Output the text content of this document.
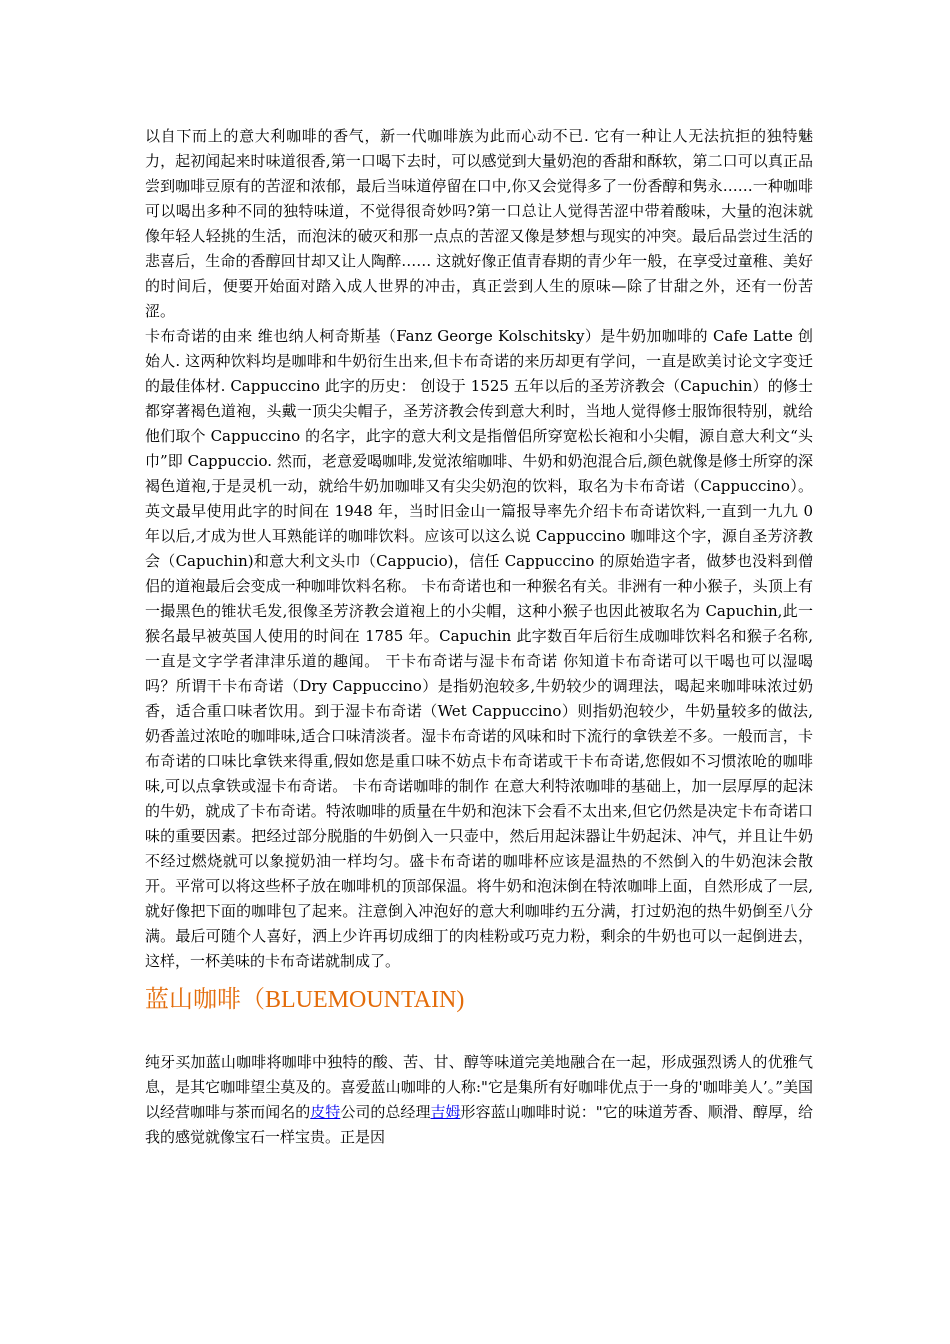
以自下而上的意大利咖啡的香气，新一代咖啡族为此而心动不已. 它有一种让人无法抗拒的独特魅力，起初闻起来时味道很香,第一口喝下去时，可以感觉到大量奶泡的香甜和酥软，第二口可以真正品尝到咖啡豆原有的苦涩和浓郁，最后当味道停留在口中,你又会觉得多了一份香醇和隽永……一种咖啡可以喝出多种不同的独特味道，不觉得很奇妙吗?第一口总让人觉得苦涩中带着酸味，大量的泡沫就像年轻人轻挑的生活，而泡沫的破灭和那一点点的苦涩又像是梦想与现实的冲突。最后品尝过生活的悲喜后，生命的香醇回甘却又让人陶醉…… 这就好像正值青春期的青少年一般，在享受过童稚、美好的时间后，便要开始面对踏入成人世界的冲击，真正尝到人生的原味—除了甘甜之外，还有一份苦涩。

卡布奇诺的由来 维也纳人柯奇斯基（Fanz George Kolschitsky）是牛奶加咖啡的 Cafe Latte 创始人. 这两种饮料均是咖啡和牛奶衍生出来,但卡布奇诺的来历却更有学问，一直是欧美讨论文字变迁的最佳体材. Cappuccino 此字的历史： 创设于 1525 五年以后的圣芳济教会（Capuchin）的修士都穿著褐色道袍，头戴一顶尖尖帽子，圣芳济教会传到意大利时，当地人觉得修士服饰很特别，就给他们取个 Cappuccino 的名字，此字的意大利文是指僧侣所穿宽松长袍和小尖帽，源自意大利文“头巾”即 Cappuccio. 然而，老意爱喝咖啡,发觉浓缩咖啡、牛奶和奶泡混合后,颜色就像是修士所穿的深褐色道袍,于是灵机一动，就给牛奶加咖啡又有尖尖奶泡的饮料，取名为卡布奇诺（Cappuccino）。英文最早使用此字的时间在 1948 年，当时旧金山一篇报导率先介绍卡布奇诺饮料,一直到一九九 0 年以后,才成为世人耳熟能详的咖啡饮料。应该可以这么说 Cappuccino 咖啡这个字，源自圣芳济教会（Capuchin)和意大利文头巾（Cappucio)，信任 Cappuccino 的原始造字者，做梦也没料到僧侣的道袍最后会变成一种咖啡饮料名称。 卡布奇诺也和一种猴名有关。非洲有一种小猴子，头顶上有一撮黑色的锥状毛发,很像圣芳济教会道袍上的小尖帽，这种小猴子也因此被取名为 Capuchin,此一猴名最早被英国人使用的时间在 1785 年。Capuchin 此字数百年后衍生成咖啡饮料名和猴子名称,一直是文字学者津津乐道的趣闻。 干卡布奇诺与湿卡布奇诺 你知道卡布奇诺可以干喝也可以湿喝吗？所谓干卡布奇诺（Dry Cappuccino）是指奶泡较多,牛奶较少的调理法，喝起来咖啡味浓过奶香，适合重口味者饮用。到于湿卡布奇诺（Wet Cappuccino）则指奶泡较少，牛奶量较多的做法,奶香盖过浓呛的咖啡味,适合口味清淡者。湿卡布奇诺的风味和时下流行的拿铁差不多。一般而言，卡布奇诺的口味比拿铁来得重,假如您是重口味不妨点卡布奇诺或干卡布奇诺,您假如不习惯浓呛的咖啡味,可以点拿铁或湿卡布奇诺。 卡布奇诺咖啡的制作 在意大利特浓咖啡的基础上，加一层厚厚的起沫的牛奶，就成了卡布奇诺。特浓咖啡的质量在牛奶和泡沫下会看不太出来,但它仍然是决定卡布奇诺口味的重要因素。把经过部分脱脂的牛奶倒入一只壶中，然后用起沫器让牛奶起沫、冲气，并且让牛奶不经过燃烧就可以象搅奶油一样均匀。盛卡布奇诺的咖啡杯应该是温热的不然倒入的牛奶泡沫会散开。平常可以将这些杯子放在咖啡机的顶部保温。将牛奶和泡沫倒在特浓咖啡上面，自然形成了一层,就好像把下面的咖啡包了起来。注意倒入冲泡好的意大利咖啡约五分满，打过奶泡的热牛奶倒至八分满。最后可随个人喜好，洒上少许再切成细丁的肉桂粉或巧克力粉，剩余的牛奶也可以一起倒进去，这样，一杯美味的卡布奇诺就制成了。

蓝山咖啡（BLUEMOUNTAIN)

纯牙买加蓝山咖啡将咖啡中独特的酸、苦、甘、醇等味道完美地融合在一起，形成强烈诱人的优雅气息，是其它咖啡望尘莫及的。喜爱蓝山咖啡的人称:"它是集所有好咖啡优点于一身的'咖啡美人’。”美国以经营咖啡与茶而闻名的皮特公司的总经理吉姆形容蓝山咖啡时说："它的味道芳香、顺滑、醇厚，给我的感觉就像宝石一样宝贵。正是因
